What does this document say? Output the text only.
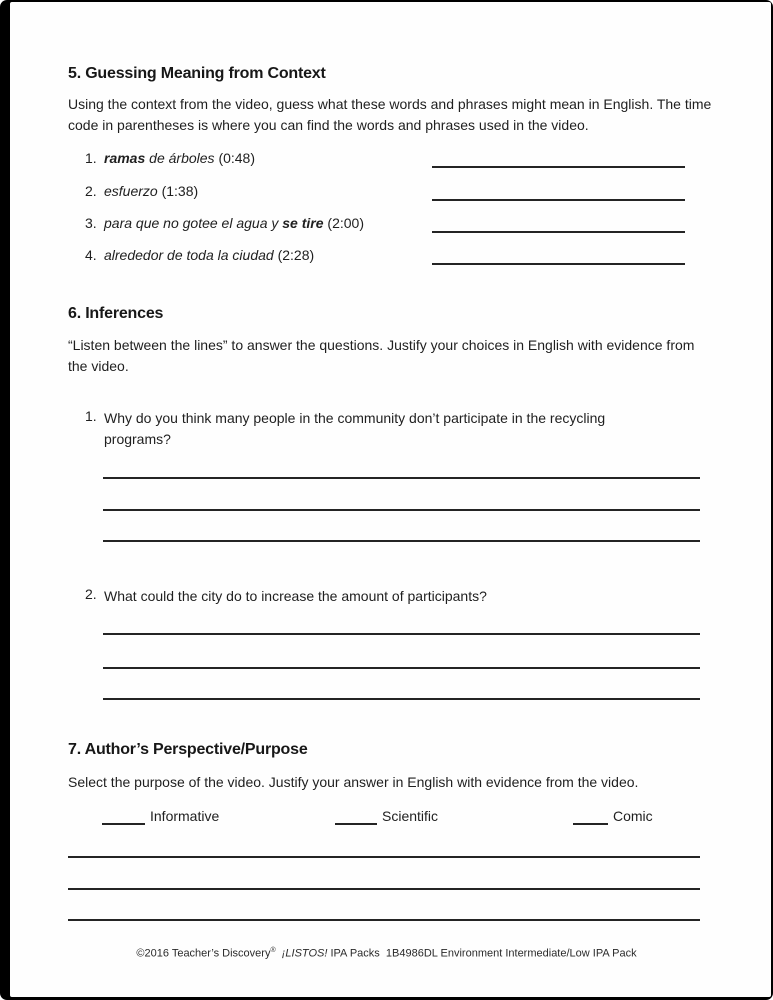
5. Guessing Meaning from Context
Using the context from the video, guess what these words and phrases might mean in English. The time code in parentheses is where you can find the words and phrases used in the video.
1. ramas de árboles (0:48)
2. esfuerzo (1:38)
3. para que no gotee el agua y se tire (2:00)
4. alrededor de toda la ciudad (2:28)
6. Inferences
“Listen between the lines” to answer the questions. Justify your choices in English with evidence from the video.
1. Why do you think many people in the community don’t participate in the recycling programs?
2. What could the city do to increase the amount of participants?
7. Author’s Perspective/Purpose
Select the purpose of the video. Justify your answer in English with evidence from the video.
Informative	Scientific	Comic
©2016 Teacher’s Discovery® ¡LISTOS! IPA Packs  1B4986DL Environment Intermediate/Low IPA Pack
